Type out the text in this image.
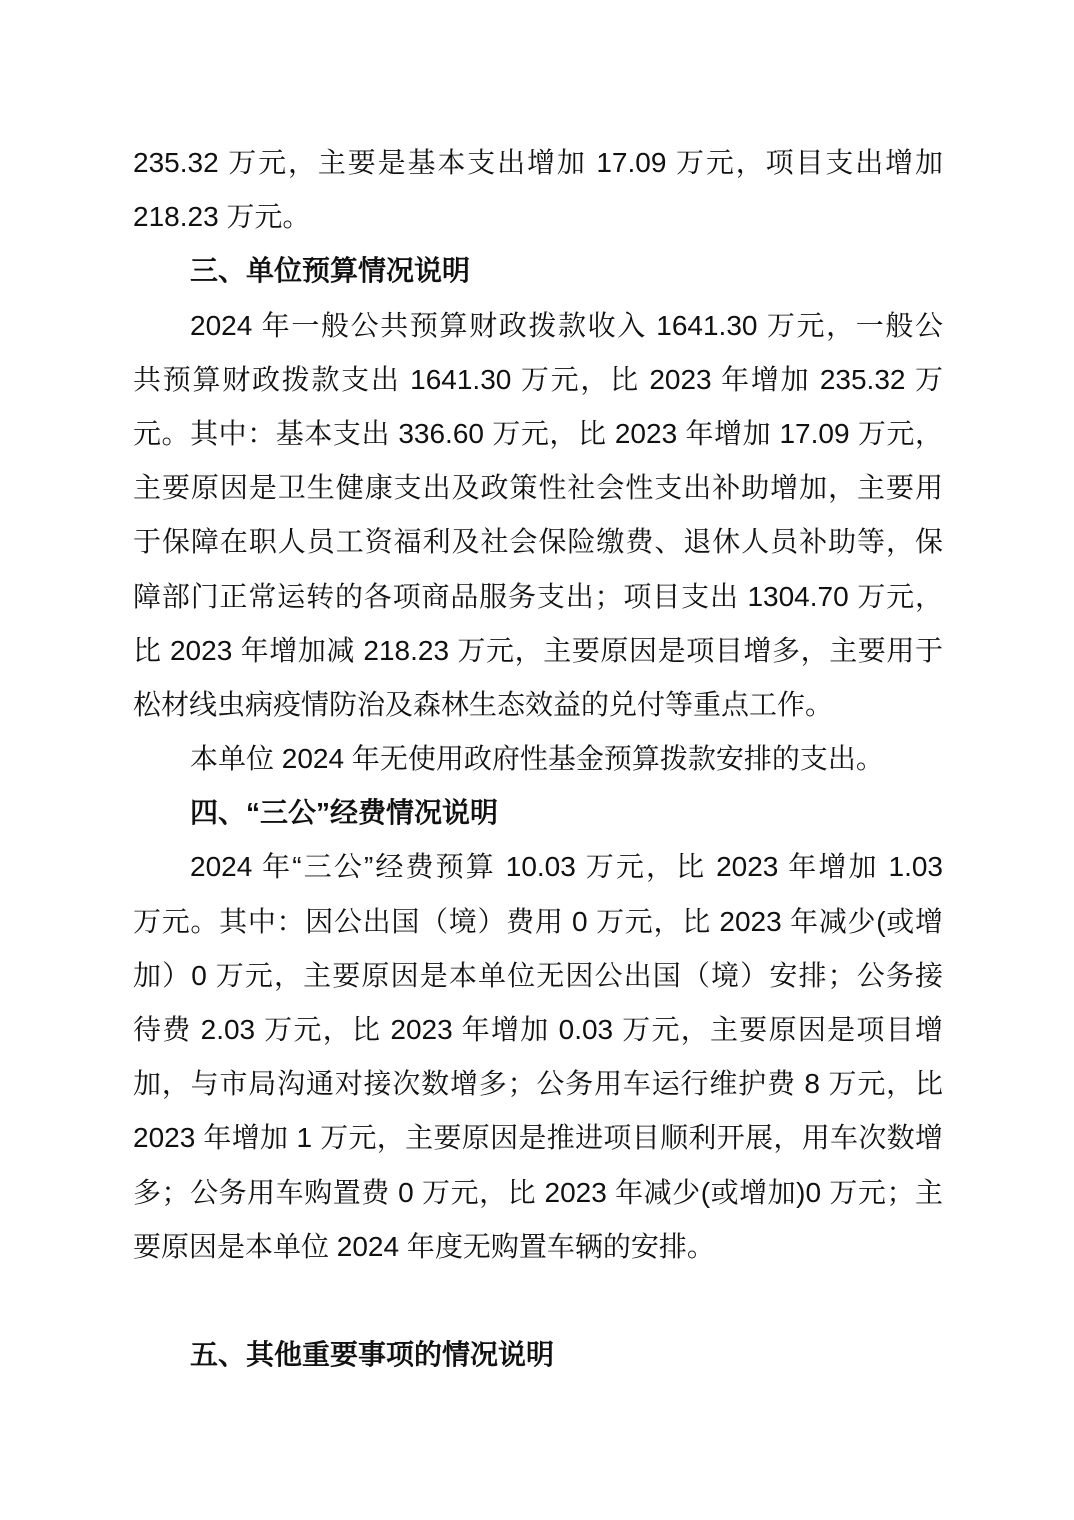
235.32 万元，主要是基本支出增加 17.09 万元，项目支出增加
218.23 万元。
三、单位预算情况说明
2024 年一般公共预算财政拨款收入 1641.30 万元，一般公
共预算财政拨款支出 1641.30 万元，比 2023 年增加 235.32 万
元。其中：基本支出 336.60 万元，比 2023 年增加 17.09 万元，
主要原因是卫生健康支出及政策性社会性支出补助增加，主要用
于保障在职人员工资福利及社会保险缴费、退休人员补助等，保
障部门正常运转的各项商品服务支出；项目支出 1304.70 万元，
比 2023 年增加减 218.23 万元，主要原因是项目增多，主要用于
松材线虫病疫情防治及森林生态效益的兑付等重点工作。
本单位 2024 年无使用政府性基金预算拨款安排的支出。
四、“三公”经费情况说明
2024 年“三公”经费预算 10.03 万元，比 2023 年增加 1.03
万元。其中：因公出国（境）费用 0 万元，比 2023 年减少(或增
加）0 万元，主要原因是本单位无因公出国（境）安排；公务接
待费 2.03 万元，比 2023 年增加 0.03 万元，主要原因是项目增
加，与市局沟通对接次数增多；公务用车运行维护费 8 万元，比
2023 年增加 1 万元，主要原因是推进项目顺利开展，用车次数增
多；公务用车购置费 0 万元，比 2023 年减少(或增加)0 万元；主
要原因是本单位 2024 年度无购置车辆的安排。
五、其他重要事项的情况说明
